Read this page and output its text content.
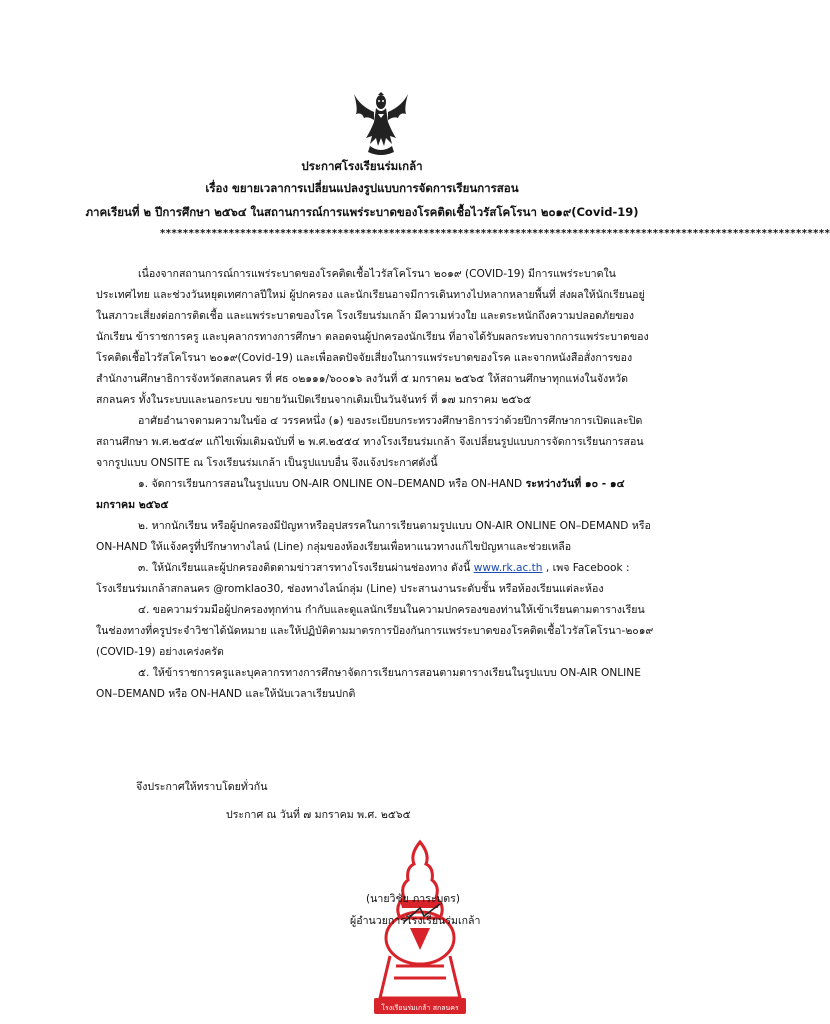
ประกาศโรงเรียนร่มเกล้า
เรื่อง ขยายเวลาการเปลี่ยนแปลงรูปแบบการจัดการเรียนการสอน
ภาคเรียนที่ ๒ ปีการศึกษา ๒๕๖๔ ในสถานการณ์การแพร่ระบาดของโรคติดเชื้อไวรัสโคโรนา ๒๐๑๙(Covid-19)
*********************************************************************************************************************

เนื่องจากสถานการณ์การแพร่ระบาดของโรคติดเชื้อไวรัสโคโรนา ๒๐๑๙ (COVID-19) มีการแพร่ระบาดในประเทศไทย และช่วงวันหยุดเทศกาลปีใหม่ ผู้ปกครอง และนักเรียนอาจมีการเดินทางไปหลากหลายพื้นที่ ส่งผลให้นักเรียนอยู่ในสภาวะเสี่ยงต่อการติดเชื้อ และแพร่ระบาดของโรค โรงเรียนร่มเกล้า มีความห่วงใย และตระหนักถึงความปลอดภัยของนักเรียน ข้าราชการครู และบุคลากรทางการศึกษา ตลอดจนผู้ปกครองนักเรียน ที่อาจได้รับผลกระทบจากการแพร่ระบาดของโรคติดเชื้อไวรัสโคโรนา ๒๐๑๙(Covid-19) และเพื่อลดปัจจัยเสี่ยงในการแพร่ระบาดของโรค และจากหนังสือสั่งการของสำนักงานศึกษาธิการจังหวัดสกลนคร ที่ ศธ ๐๒๑๑๑/๖๐๐๑๖ ลงวันที่ ๕ มกราคม ๒๕๖๕ ให้สถานศึกษาทุกแห่งในจังหวัดสกลนคร ทั้งในระบบและนอกระบบ ขยายวันเปิดเรียนจากเดิมเป็นวันจันทร์ ที่ ๑๗ มกราคม ๒๕๖๕

อาศัยอำนาจตามความในข้อ ๔ วรรคหนึ่ง (๑) ของระเบียบกระทรวงศึกษาธิการว่าด้วยปีการศึกษาการเปิดและปิดสถานศึกษา พ.ศ.๒๕๔๙ แก้ไขเพิ่มเติมฉบับที่ ๒ พ.ศ.๒๕๕๔ ทางโรงเรียนร่มเกล้า จึงเปลี่ยนรูปแบบการจัดการเรียนการสอนจากรูปแบบ ONSITE ณ โรงเรียนร่มเกล้า เป็นรูปแบบอื่น จึงแจ้งประกาศดังนี้

๑. จัดการเรียนการสอนในรูปแบบ ON-AIR ONLINE ON–DEMAND หรือ ON-HAND ระหว่างวันที่ ๑๐ - ๑๔ มกราคม ๒๕๖๕

๒. หากนักเรียน หรือผู้ปกครองมีปัญหาหรืออุปสรรคในการเรียนตามรูปแบบ ON-AIR ONLINE ON–DEMAND หรือ ON-HAND ให้แจ้งครูที่ปรึกษาทางไลน์ (Line) กลุ่มของห้องเรียนเพื่อหาแนวทางแก้ไขปัญหาและช่วยเหลือ

๓. ให้นักเรียนและผู้ปกครองติดตามข่าวสารทางโรงเรียนผ่านช่องทาง ดังนี้ www.rk.ac.th , เพจ Facebook : โรงเรียนร่มเกล้าสกลนคร @romklao30, ช่องทางไลน์กลุ่ม (Line) ประสานงานระดับชั้น หรือห้องเรียนแต่ละห้อง

๔. ขอความร่วมมือผู้ปกครองทุกท่าน กำกับและดูแลนักเรียนในความปกครองของท่านให้เข้าเรียนตามตารางเรียนในช่องทางที่ครูประจำวิชาได้นัดหมาย และให้ปฏิบัติตามมาตรการป้องกันการแพร่ระบาดของโรคติดเชื้อไวรัสโคโรนา-๒๐๑๙ (COVID-19) อย่างเคร่งครัด

๕. ให้ข้าราชการครูและบุคลากรทางการศึกษาจัดการเรียนการสอนตามตารางเรียนในรูปแบบ ON-AIR ONLINE ON–DEMAND หรือ ON-HAND และให้นับเวลาเรียนปกติ

จึงประกาศให้ทราบโดยทั่วกัน
ประกาศ ณ วันที่ ๗ มกราคม พ.ศ. ๒๕๖๕
โรงเรียนร่มเกล้า สกลนคร
(นายวิชัย ภาระบุตร)
ผู้อำนวยการโรงเรียนร่มเกล้า
